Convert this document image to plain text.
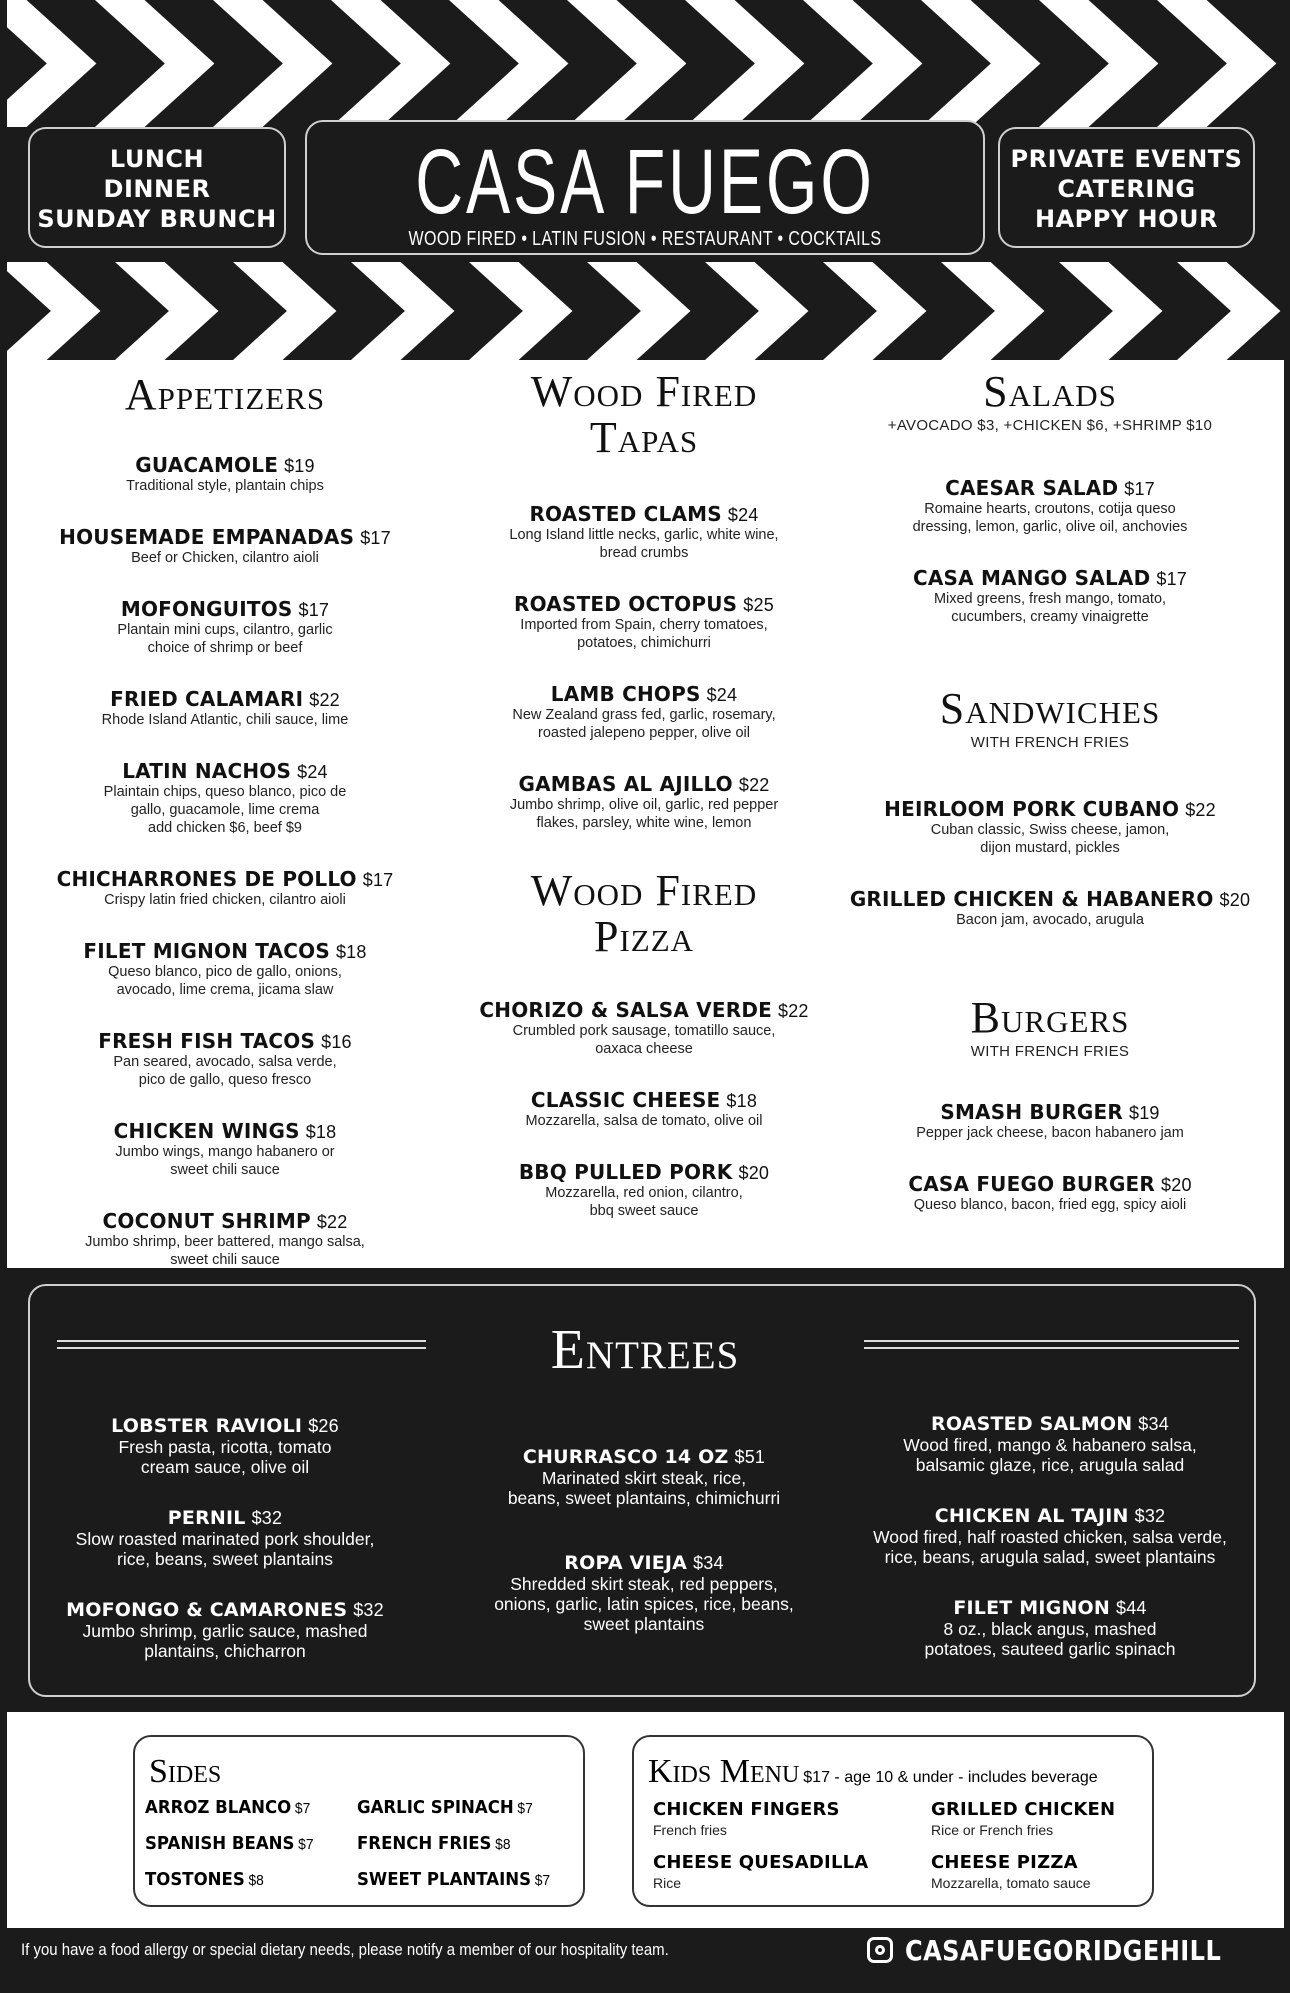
LUNCH
DINNER
SUNDAY BRUNCH CASA FUEGO
WOOD FIRED • LATIN FUSION • RESTAURANT • COCKTAILS
PRIVATE EVENTS
CATERING
HAPPY HOUR
Appetizers
GUACAMOLE $19
Traditional style, plantain chips
HOUSEMADE EMPANADAS $17
Beef or Chicken, cilantro aioli
MOFONGUITOS $17
Plantain mini cups, cilantro, garlic
choice of shrimp or beef
FRIED CALAMARI $22
Rhode Island Atlantic, chili sauce, lime
LATIN NACHOS $24
Plaintain chips, queso blanco, pico de
gallo, guacamole, lime crema
add chicken $6, beef $9
CHICHARRONES DE POLLO $17
Crispy latin fried chicken, cilantro aioli
FILET MIGNON TACOS $18
Queso blanco, pico de gallo, onions,
avocado, lime crema, jicama slaw
FRESH FISH TACOS $16
Pan seared, avocado, salsa verde,
pico de gallo, queso fresco
CHICKEN WINGS $18
Jumbo wings, mango habanero or
sweet chili sauce
COCONUT SHRIMP $22
Jumbo shrimp, beer battered, mango salsa,
sweet chili sauce
Wood Fired
Tapas
ROASTED CLAMS $24
Long Island little necks, garlic, white wine,
bread crumbs
ROASTED OCTOPUS $25
Imported from Spain, cherry tomatoes,
potatoes, chimichurri
LAMB CHOPS $24
New Zealand grass fed, garlic, rosemary,
roasted jalepeno pepper, olive oil
GAMBAS AL AJILLO $22
Jumbo shrimp, olive oil, garlic, red pepper
flakes, parsley, white wine, lemon
Wood Fired
Pizza
CHORIZO & SALSA VERDE $22
Crumbled pork sausage, tomatillo sauce,
oaxaca cheese
CLASSIC CHEESE $18
Mozzarella, salsa de tomato, olive oil
BBQ PULLED PORK $20
Mozzarella, red onion, cilantro,
bbq sweet sauce
Salads
+AVOCADO $3, +CHICKEN $6, +SHRIMP $10
CAESAR SALAD $17
Romaine hearts, croutons, cotija queso
dressing, lemon, garlic, olive oil, anchovies
CASA MANGO SALAD $17
Mixed greens, fresh mango, tomato,
cucumbers, creamy vinaigrette
Sandwiches
WITH FRENCH FRIES
HEIRLOOM PORK CUBANO $22
Cuban classic, Swiss cheese, jamon,
dijon mustard, pickles
GRILLED CHICKEN & HABANERO $20
Bacon jam, avocado, arugula
Burgers
WITH FRENCH FRIES
SMASH BURGER $19
Pepper jack cheese, bacon habanero jam
CASA FUEGO BURGER $20
Queso blanco, bacon, fried egg, spicy aioli
Entrees
LOBSTER RAVIOLI $26
Fresh pasta, ricotta, tomato
cream sauce, olive oil
PERNIL $32
Slow roasted marinated pork shoulder,
rice, beans, sweet plantains
MOFONGO & CAMARONES $32
Jumbo shrimp, garlic sauce, mashed
plantains, chicharron
CHURRASCO 14 OZ $51
Marinated skirt steak, rice,
beans, sweet plantains, chimichurri
ROPA VIEJA $34
Shredded skirt steak, red peppers,
onions, garlic, latin spices, rice, beans,
sweet plantains
ROASTED SALMON $34
Wood fired, mango & habanero salsa,
balsamic glaze, rice, arugula salad
CHICKEN AL TAJIN $32
Wood fired, half roasted chicken, salsa verde,
rice, beans, arugula salad, sweet plantains
FILET MIGNON $44
8 oz., black angus, mashed
potatoes, sauteed garlic spinach
Sides
ARROZ BLANCO $7	GARLIC SPINACH $7
SPANISH BEANS $7 FRENCH FRIES $8
TOSTONES $8	SWEET PLANTAINS $7
Kids Menu $17 - age 10 & under - includes beverage
CHICKEN FINGERS
French fries
GRILLED CHICKEN
Rice or French fries
CHEESE QUESADILLA
Rice
CHEESE PIZZA
Mozzarella, tomato sauce
If you have a food allergy or special dietary needs, please notify a member of our hospitality team.	CASAFUEGORIDGEHILL
